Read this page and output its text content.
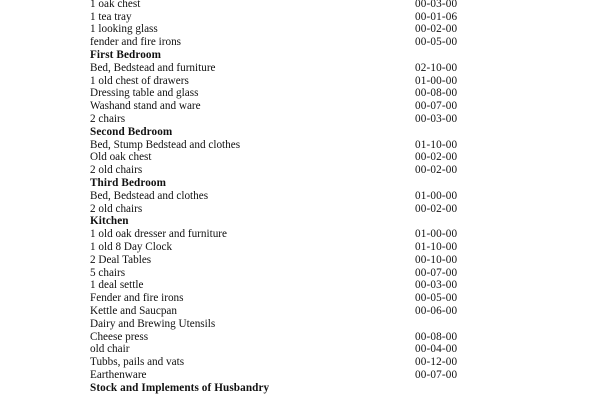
1 oak chest	00-03-00
1 tea tray	00-01-06
1 looking glass	00-02-00
fender and fire irons	00-05-00
First Bedroom
Bed, Bedstead and furniture	02-10-00
1 old chest of drawers	01-00-00
Dressing table and glass	00-08-00
Washand stand and ware	00-07-00
2 chairs	00-03-00
Second Bedroom
Bed, Stump Bedstead and clothes	01-10-00
Old oak chest	00-02-00
2 old chairs	00-02-00
Third Bedroom
Bed, Bedstead and clothes	01-00-00
2 old chairs	00-02-00
Kitchen
1 old oak dresser and furniture	01-00-00
1 old 8 Day Clock	01-10-00
2 Deal Tables	00-10-00
5 chairs	00-07-00
1 deal settle	00-03-00
Fender and fire irons	00-05-00
Kettle and Saucpan	00-06-00
Dairy and Brewing Utensils
Cheese press	00-08-00
old chair	00-04-00
Tubbs, pails and vats	00-12-00
Earthenware	00-07-00
Stock and Implements of Husbandry
